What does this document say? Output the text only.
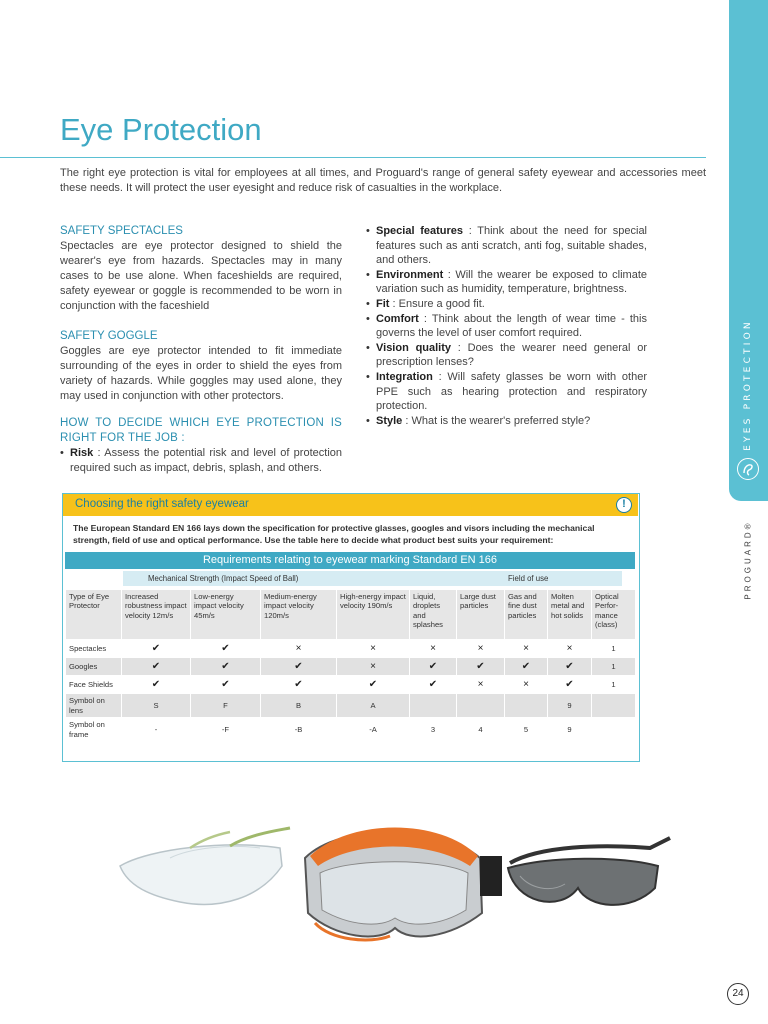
EYES PROTECTION
PROGUARD®
Eye Protection

The right eye protection is vital for employees at all times, and Proguard's range of general safety eyewear and accessories meet these needs. It will protect the user eyesight and reduce risk of casualties in the workplace.

SAFETY SPECTACLES

Spectacles are eye protector designed to shield the wearer's eye from hazards. Spectacles may in many cases to be use alone. When faceshields are required, safety eyewear or goggle is recommended to be worn in conjunction with the faceshield

SAFETY GOGGLE

Goggles are eye protector intended to fit immediate surrounding of the eyes in order to shield the eyes from variety of hazards. While goggles may used alone, they may used in conjunction with other protectors.

HOW TO DECIDE WHICH EYE PROTECTION IS RIGHT FOR THE JOB :
• Risk : Assess the potential risk and level of protection required such as impact, debris, splash, and others.
• Special features : Think about the need for special features such as anti scratch, anti fog, suitable shades, and others.
• Environment : Will the wearer be exposed to climate variation such as humidity, temperature, brightness.
• Fit : Ensure a good fit.
• Comfort : Think about the length of wear time - this governs the level of user comfort required.
• Vision quality : Does the wearer need general or prescription lenses?
• Integration : Will safety glasses be worn with other PPE such as hearing protection and respiratory protection.
• Style : What is the wearer's preferred style?
Choosing the right safety eyewear	!

The European Standard EN 166 lays down the specification for protective glasses, googles and visors including the mechanical strength, field of use and optical performance. Use the table here to decide what product best suits your requirement:

Requirements relating to eyewear marking Standard EN 166
Mechanical Strength (Impact Speed of Ball)	Field of use
Type of Eye Protector	Increased robustness impact velocity 12m/s	Low-energy impact velocity 45m/s	Medium-energy impact velocity 120m/s	High-energy impact velocity 190m/s	Liquid, droplets and splashes	Large dust particles	Gas and fine dust particles	Molten metal and hot solids	Optical Perfor-mance (class)
Spectacles	✔	✔	×	×	×	×	×	×	1
Googles	✔	✔	✔	×	✔	✔	✔	✔	1
Face Shields	✔	✔	✔	✔	✔	×	×	✔	1
Symbol on lens	S	F	B	A				9	
Symbol on frame	-	-F	-B	-A	3	4	5	9	
24
